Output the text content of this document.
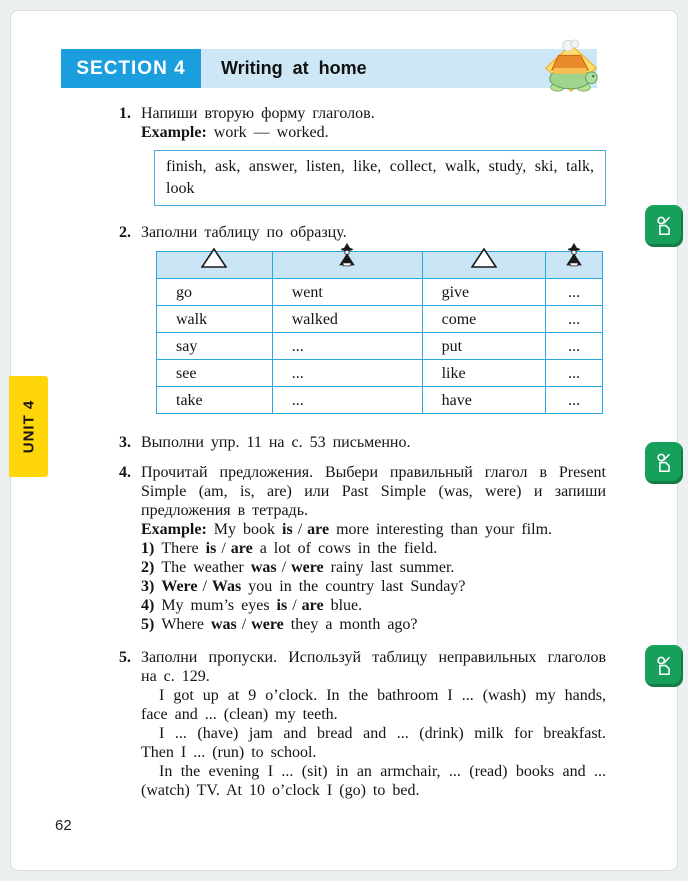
UNIT 4
SECTION 4 Writing at home
1. Напиши вторую форму глаголов.
Example: work — worked.
finish, ask, answer, listen, like, collect, walk, study, ski, talk, look
2. Заполни таблицу по образцу.

go	went	give	...
walk	walked	come	...
say	...	put	...
see	...	like	...
take	...	have	...
3. Выполни упр. 11 на с. 53 письменно.
4. Прочитай предложения. Выбери правильный глагол в Present Simple (am, is, are) или Past Simple (was, were) и запиши предложения в тетрадь.
Example: My book is / are more interesting than your film.
1) There is / are a lot of cows in the field.
2) The weather was / were rainy last summer.
3) Were / Was you in the country last Sunday?
4) My mum’s eyes is / are blue.
5) Where was / were they a month ago?
5. Заполни пропуски. Используй таблицу неправильных глаголов на с. 129.

I got up at 9 o’clock. In the bathroom I ... (wash) my hands, face and ... (clean) my teeth.

I ... (have) jam and bread and ... (drink) milk for breakfast. Then I ... (run) to school.

In the evening I ... (sit) in an armchair, ... (read) books and ... (watch) TV. At 10 o’clock I (go) to bed.

62
